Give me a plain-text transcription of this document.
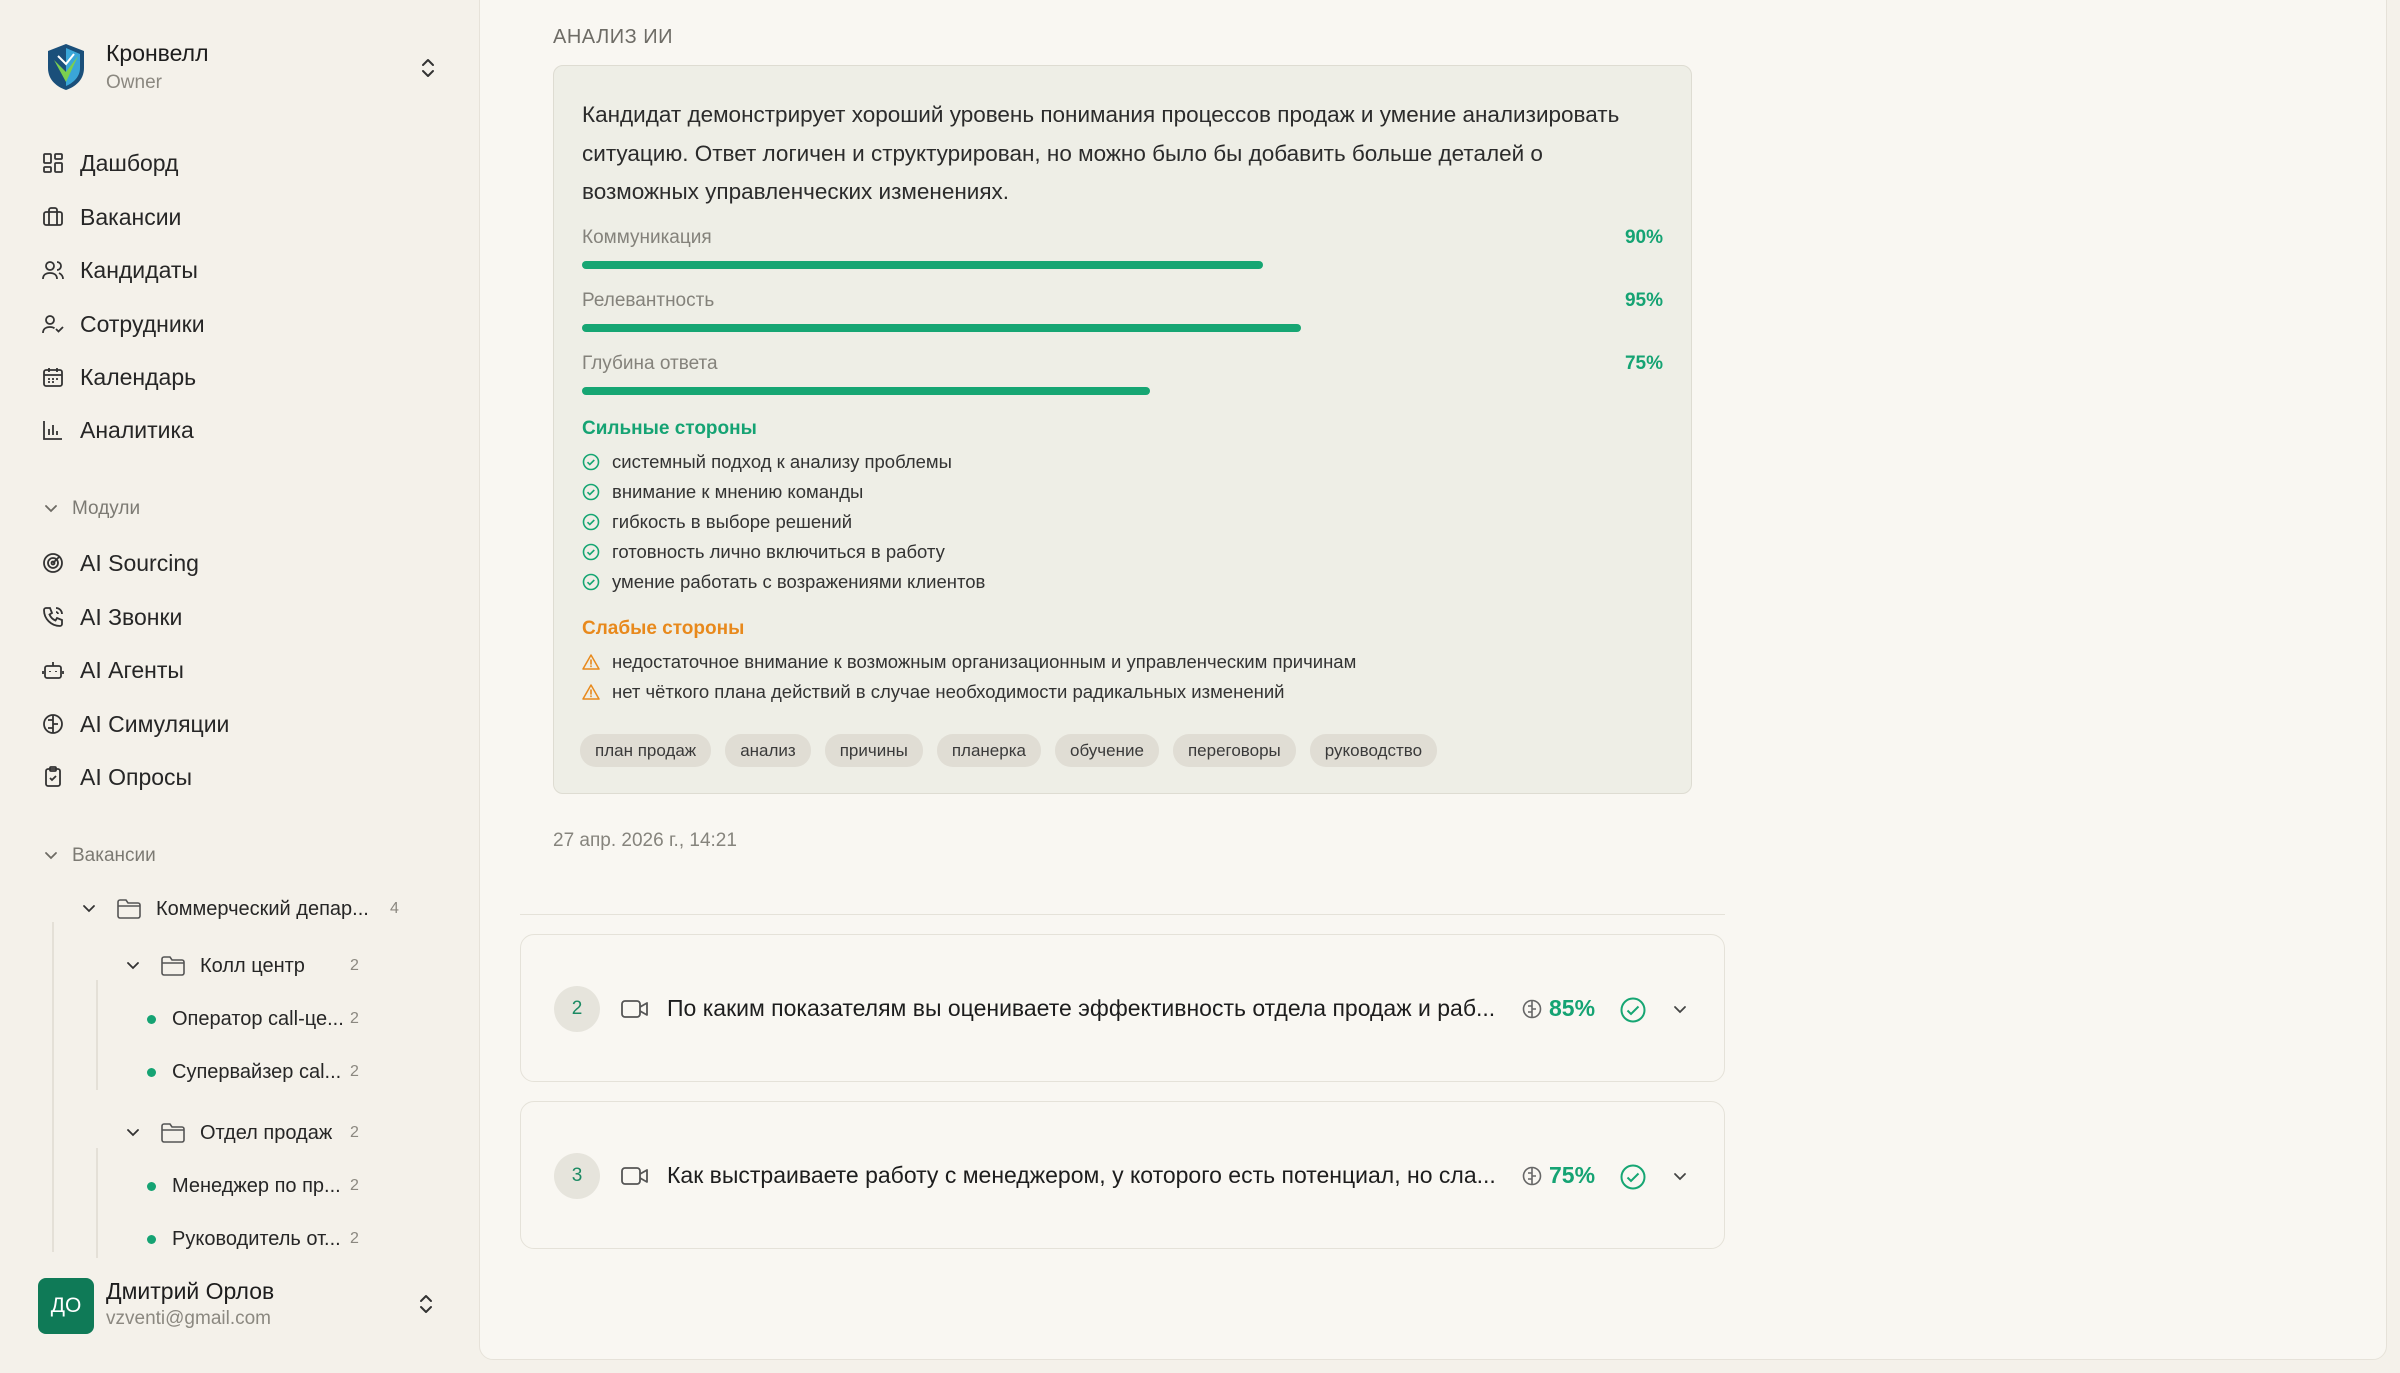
Кронвелл
Owner
Дашборд
Вакансии
Кандидаты
Сотрудники
Календарь
Аналитика
Модули
AI Sourcing
AI Звонки
AI Агенты
AI Симуляции
AI Опросы
Вакансии
Коммерческий депар... 4
Колл центр	2
Оператор call-це... 2
Супервайзер cal... 2
Отдел продаж 2
Менеджер по пр... 2
Руководитель от... 2
ДО
Дмитрий Орлов
vzventi@gmail.com
АНАЛИЗ ИИ
Кандидат демонстрирует хороший уровень понимания процессов продаж и умение анализировать ситуацию. Ответ логичен и структурирован, но можно было бы добавить больше деталей о возможных управленческих изменениях.
Коммуникация	90%
Релевантность	95%
Глубина ответа	75%
Сильные стороны
системный подход к анализу проблемы
внимание к мнению команды
гибкость в выборе решений
готовность лично включиться в работу
умение работать с возражениями клиентов
Слабые стороны
недостаточное внимание к возможным организационным и управленческим причинам
нет чёткого плана действий в случае необходимости радикальных изменений
план продаж	анализ	причины	планерка	обучение	переговоры	руководство
27 апр. 2026 г., 14:21
2	По каким показателям вы оцениваете эффективность отдела продаж и раб... 85%
3	Как выстраиваете работу с менеджером, у которого есть потенциал, но сла... 75%
